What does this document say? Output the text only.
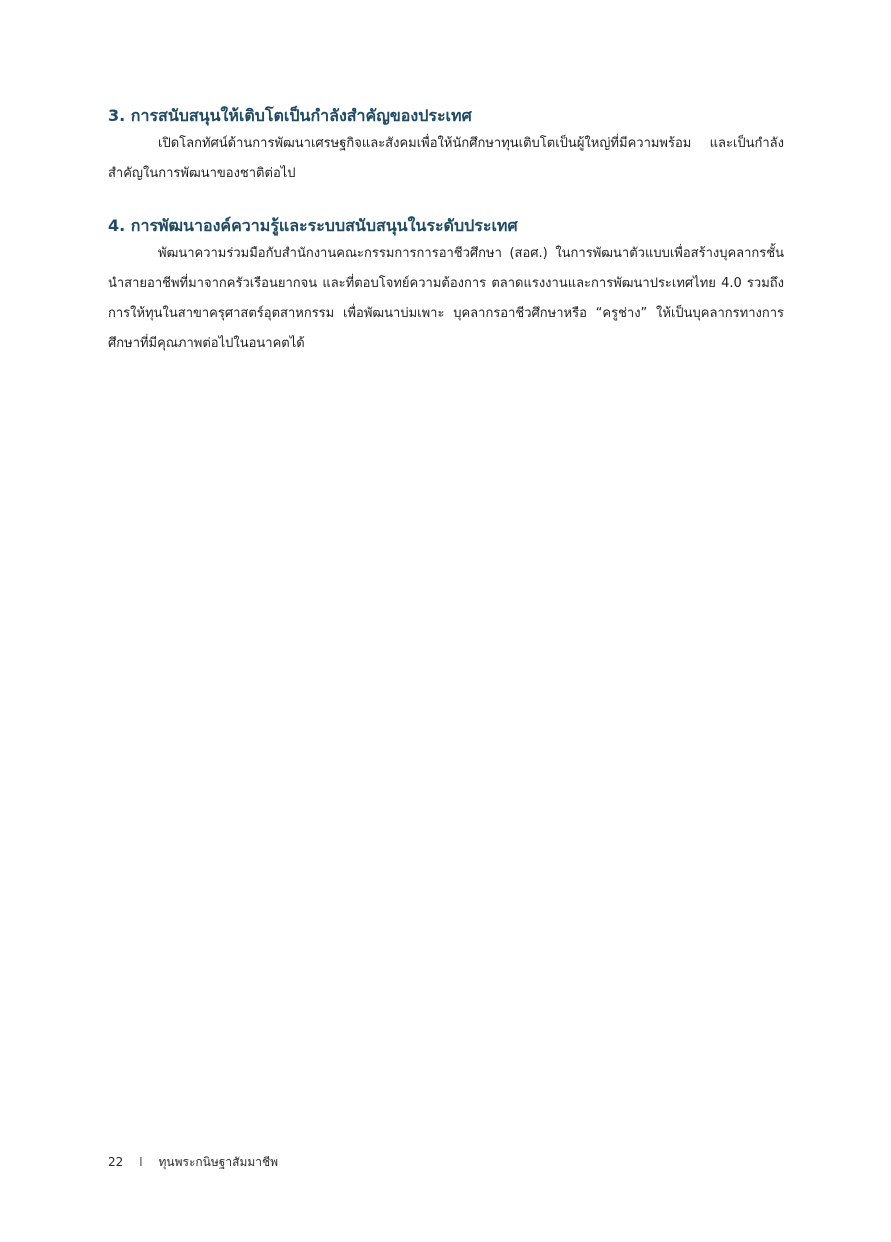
3. การสนับสนุนให้เติบโตเป็นกำลังสำคัญของประเทศ

เปิดโลกทัศน์ด้านการพัฒนาเศรษฐกิจและสังคมเพื่อให้นักศึกษาทุนเติบโตเป็นผู้ใหญ่ที่มีความพร้อม และเป็นกำลังสำคัญในการพัฒนาของชาติต่อไป

4. การพัฒนาองค์ความรู้และระบบสนับสนุนในระดับประเทศ

พัฒนาความร่วมมือกับสำนักงานคณะกรรมการการอาชีวศึกษา (สอศ.) ในการพัฒนาตัวแบบเพื่อสร้างบุคลากรชั้นนำสายอาชีพที่มาจากครัวเรือนยากจน และที่ตอบโจทย์ความต้องการ ตลาดแรงงานและการพัฒนาประเทศไทย 4.0 รวมถึงการให้ทุนในสาขาครุศาสตร์อุตสาหกรรม เพื่อพัฒนาบ่มเพาะ บุคลากรอาชีวศึกษาหรือ “ครูช่าง” ให้เป็นบุคลากรทางการศึกษาที่มีคุณภาพต่อไปในอนาคตได้

22 I ทุนพระกนิษฐาสัมมาชีพ
